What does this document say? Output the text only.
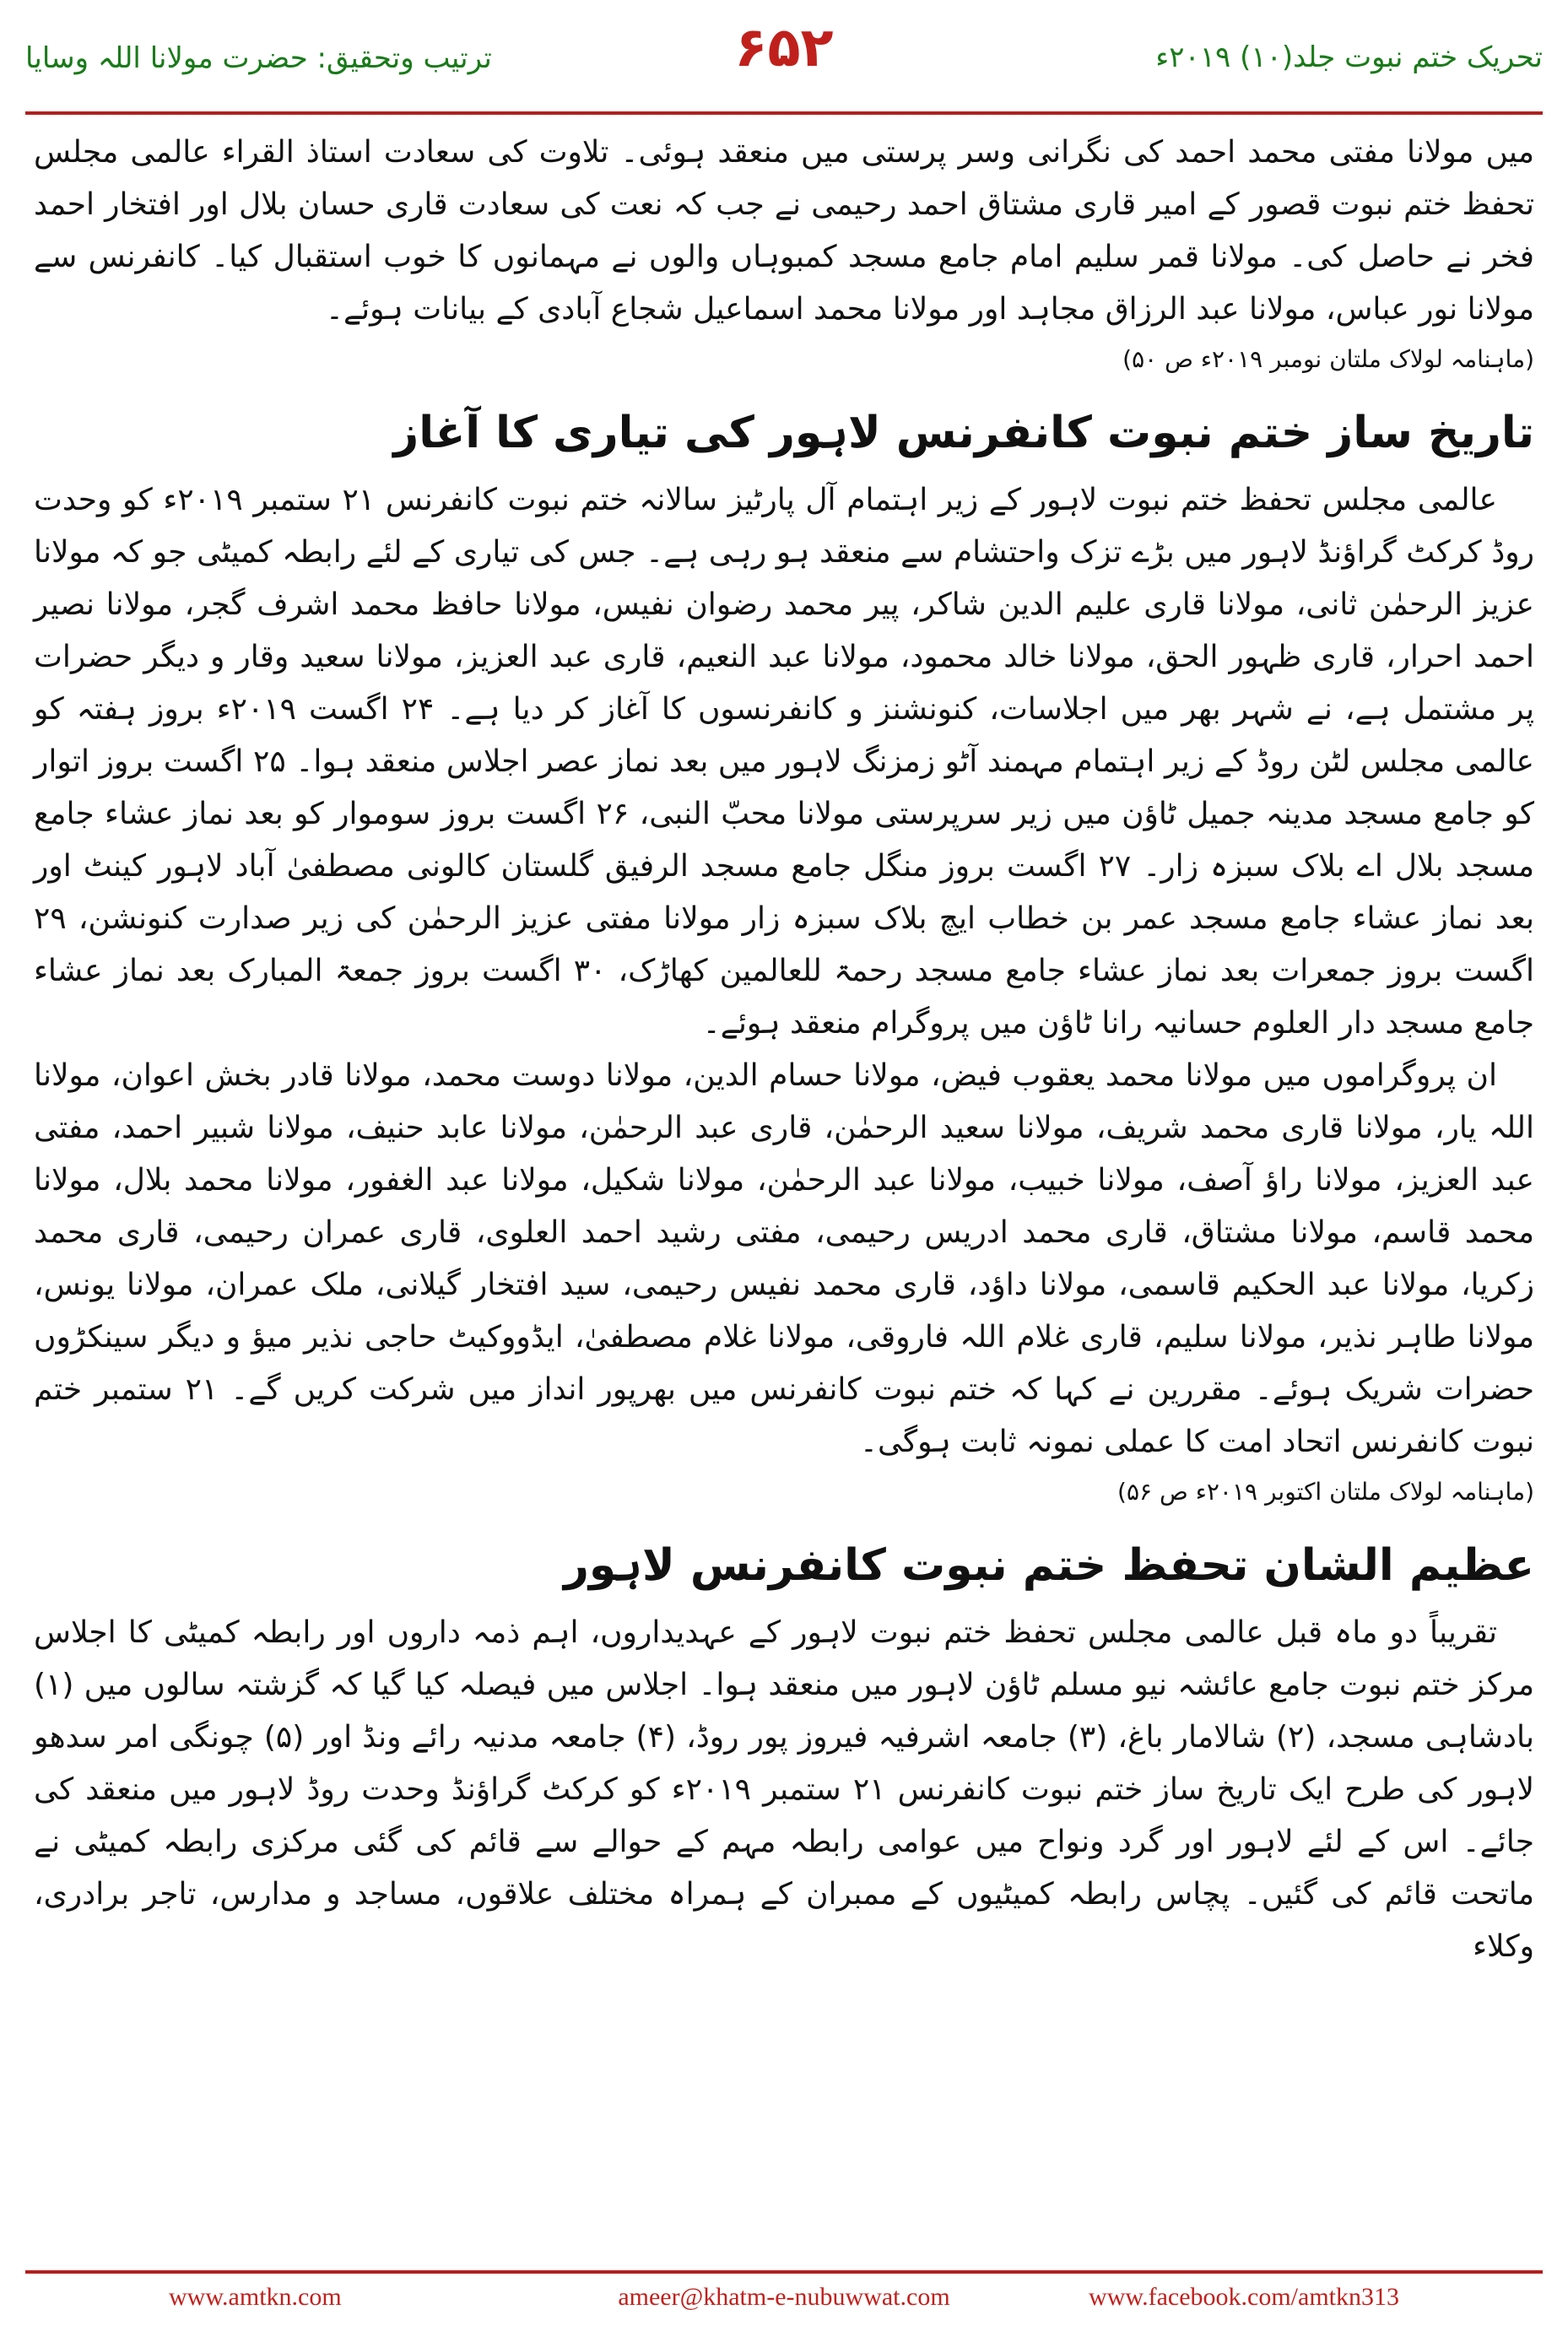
تحریک ختم نبوت جلد(۱۰) ۲۰۱۹ء
۶۵۲
ترتیب وتحقیق: حضرت مولانا اللہ وسایا

میں مولانا مفتی محمد احمد کی نگرانی وسر پرستی میں منعقد ہوئی۔ تلاوت کی سعادت استاذ القراء عالمی مجلس تحفظ ختم نبوت قصور کے امیر قاری مشتاق احمد رحیمی نے جب کہ نعت کی سعادت قاری حسان بلال اور افتخار احمد فخر نے حاصل کی۔ مولانا قمر سلیم امام جامع مسجد کمبوہاں والوں نے مہمانوں کا خوب استقبال کیا۔ کانفرنس سے مولانا نور عباس، مولانا عبد الرزاق مجاہد اور مولانا محمد اسماعیل شجاع آبادی کے بیانات ہوئے۔

(ماہنامہ لولاک ملتان نومبر ۲۰۱۹ء ص ۵۰)

تاریخ ساز ختم نبوت کانفرنس لاہور کی تیاری کا آغاز

عالمی مجلس تحفظ ختم نبوت لاہور کے زیر اہتمام آل پارٹیز سالانہ ختم نبوت کانفرنس ۲۱ ستمبر ۲۰۱۹ء کو وحدت روڈ کرکٹ گراؤنڈ لاہور میں بڑے تزک واحتشام سے منعقد ہو رہی ہے۔ جس کی تیاری کے لئے رابطہ کمیٹی جو کہ مولانا عزیز الرحمٰن ثانی، مولانا قاری علیم الدین شاکر، پیر محمد رضوان نفیس، مولانا حافظ محمد اشرف گجر، مولانا نصیر احمد احرار، قاری ظہور الحق، مولانا خالد محمود، مولانا عبد النعیم، قاری عبد العزیز، مولانا سعید وقار و دیگر حضرات پر مشتمل ہے، نے شہر بھر میں اجلاسات، کنونشنز و کانفرنسوں کا آغاز کر دیا ہے۔ ۲۴ اگست ۲۰۱۹ء بروز ہفتہ کو عالمی مجلس لٹن روڈ کے زیر اہتمام مہمند آٹو زمزنگ لاہور میں بعد نماز عصر اجلاس منعقد ہوا۔ ۲۵ اگست بروز اتوار کو جامع مسجد مدینہ جمیل ٹاؤن میں زیر سرپرستی مولانا محبّ النبی، ۲۶ اگست بروز سوموار کو بعد نماز عشاء جامع مسجد بلال اے بلاک سبزہ زار۔ ۲۷ اگست بروز منگل جامع مسجد الرفیق گلستان کالونی مصطفیٰ آباد لاہور کینٹ اور بعد نماز عشاء جامع مسجد عمر بن خطاب ایچ بلاک سبزہ زار مولانا مفتی عزیز الرحمٰن کی زیر صدارت کنونشن، ۲۹ اگست بروز جمعرات بعد نماز عشاء جامع مسجد رحمۃ للعالمین کھاڑک، ۳۰ اگست بروز جمعۃ المبارک بعد نماز عشاء جامع مسجد دار العلوم حسانیہ رانا ٹاؤن میں پروگرام منعقد ہوئے۔

ان پروگراموں میں مولانا محمد یعقوب فیض، مولانا حسام الدین، مولانا دوست محمد، مولانا قادر بخش اعوان، مولانا اللہ یار، مولانا قاری محمد شریف، مولانا سعید الرحمٰن، قاری عبد الرحمٰن، مولانا عابد حنیف، مولانا شبیر احمد، مفتی عبد العزیز، مولانا راؤ آصف، مولانا خبیب، مولانا عبد الرحمٰن، مولانا شکیل، مولانا عبد الغفور، مولانا محمد بلال، مولانا محمد قاسم، مولانا مشتاق، قاری محمد ادریس رحیمی، مفتی رشید احمد العلوی، قاری عمران رحیمی، قاری محمد زکریا، مولانا عبد الحکیم قاسمی، مولانا داؤد، قاری محمد نفیس رحیمی، سید افتخار گیلانی، ملک عمران، مولانا یونس، مولانا طاہر نذیر، مولانا سلیم، قاری غلام اللہ فاروقی، مولانا غلام مصطفیٰ، ایڈووکیٹ حاجی نذیر میؤ و دیگر سینکڑوں حضرات شریک ہوئے۔ مقررین نے کہا کہ ختم نبوت کانفرنس میں بھرپور انداز میں شرکت کریں گے۔ ۲۱ ستمبر ختم نبوت کانفرنس اتحاد امت کا عملی نمونہ ثابت ہوگی۔

(ماہنامہ لولاک ملتان اکتوبر ۲۰۱۹ء ص ۵۶)

عظیم الشان تحفظ ختم نبوت کانفرنس لاہور

تقریباً دو ماہ قبل عالمی مجلس تحفظ ختم نبوت لاہور کے عہدیداروں، اہم ذمہ داروں اور رابطہ کمیٹی کا اجلاس مرکز ختم نبوت جامع عائشہ نیو مسلم ٹاؤن لاہور میں منعقد ہوا۔ اجلاس میں فیصلہ کیا گیا کہ گزشتہ سالوں میں (۱) بادشاہی مسجد، (۲) شالامار باغ، (۳) جامعہ اشرفیہ فیروز پور روڈ، (۴) جامعہ مدنیہ رائے ونڈ اور (۵) چونگی امر سدھو لاہور کی طرح ایک تاریخ ساز ختم نبوت کانفرنس ۲۱ ستمبر ۲۰۱۹ء کو کرکٹ گراؤنڈ وحدت روڈ لاہور میں منعقد کی جائے۔ اس کے لئے لاہور اور گرد ونواح میں عوامی رابطہ مہم کے حوالے سے قائم کی گئی مرکزی رابطہ کمیٹی نے ماتحت قائم کی گئیں۔ پچاس رابطہ کمیٹیوں کے ممبران کے ہمراہ مختلف علاقوں، مساجد و مدارس، تاجر برادری، وکلاء

www.amtkn.com	ameer@khatm-e-nubuwwat.com	www.facebook.com/amtkn313
